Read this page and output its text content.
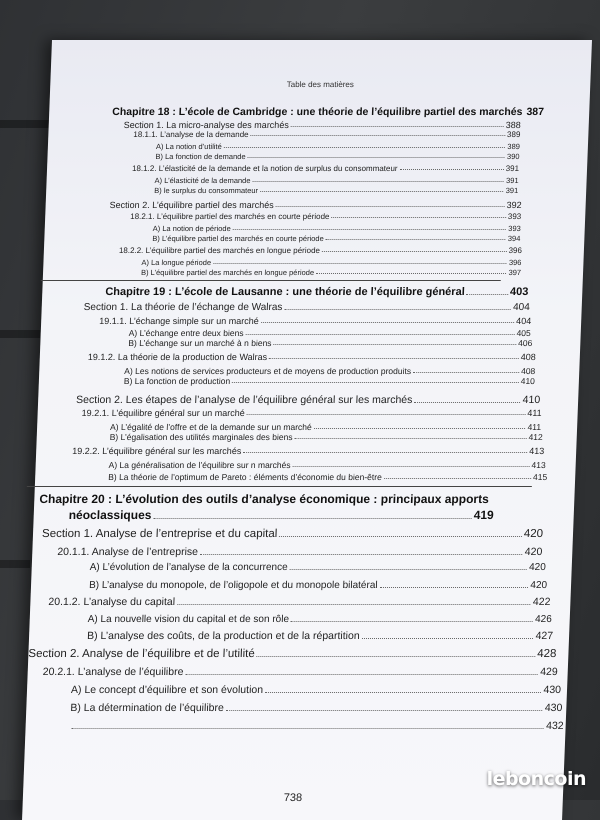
Table des matières
Chapitre 18 : L’école de Cambridge : une théorie de l’équilibre partiel des marchés 387
Section 1. La micro-analyse des marchés	388
18.1.1. L’analyse de la demande	389
A) La notion d’utilité	389
B) La fonction de demande	390
18.1.2. L’élasticité de la demande et la notion de surplus du consommateur	391
A) L’élasticité de la demande	391
B) le surplus du consommateur	391
Section 2. L’équilibre partiel des marchés	392
18.2.1. L’équilibre partiel des marchés en courte période	393
A) La notion de période	393
B) L’équilibre partiel des marchés en courte période	394
18.2.2. L’équilibre partiel des marchés en longue période	396
A) La longue période	396
B) L’équilibre partiel des marchés en longue période	397
Chapitre 19 : L’école de Lausanne : une théorie de l’équilibre général	403
Section 1. La théorie de l’échange de Walras	404
19.1.1. L’échange simple sur un marché	404
A) L’échange entre deux biens	405
B) L’échange sur un marché à n biens	406
19.1.2. La théorie de la production de Walras	408
A) Les notions de services producteurs et de moyens de production produits	408
B) La fonction de production	410
Section 2. Les étapes de l’analyse de l’équilibre général sur les marchés	410
19.2.1. L’équilibre général sur un marché	411
A) L’égalité de l’offre et de la demande sur un marché	411
B) L’égalisation des utilités marginales des biens	412
19.2.2. L’équilibre général sur les marchés	413
A) La généralisation de l’équilibre sur n marchés	413
B) La théorie de l’optimum de Pareto : éléments d’économie du bien-être	415
Chapitre 20 : L’évolution des outils d’analyse économique : principaux apports
néoclassiques	419
Section 1. Analyse de l’entreprise et du capital	420
20.1.1. Analyse de l’entreprise	420
A) L’évolution de l’analyse de la concurrence	420
B) L’analyse du monopole, de l’oligopole et du monopole bilatéral	420
20.1.2. L’analyse du capital	422
A) La nouvelle vision du capital et de son rôle	426
B) L’analyse des coûts, de la production et de la répartition	427
Section 2. Analyse de l’équilibre et de l’utilité	428
20.2.1. L’analyse de l’équilibre	429
A) Le concept d’équilibre et son évolution	430
B) La détermination de l’équilibre	430
432
738
leboncoin
